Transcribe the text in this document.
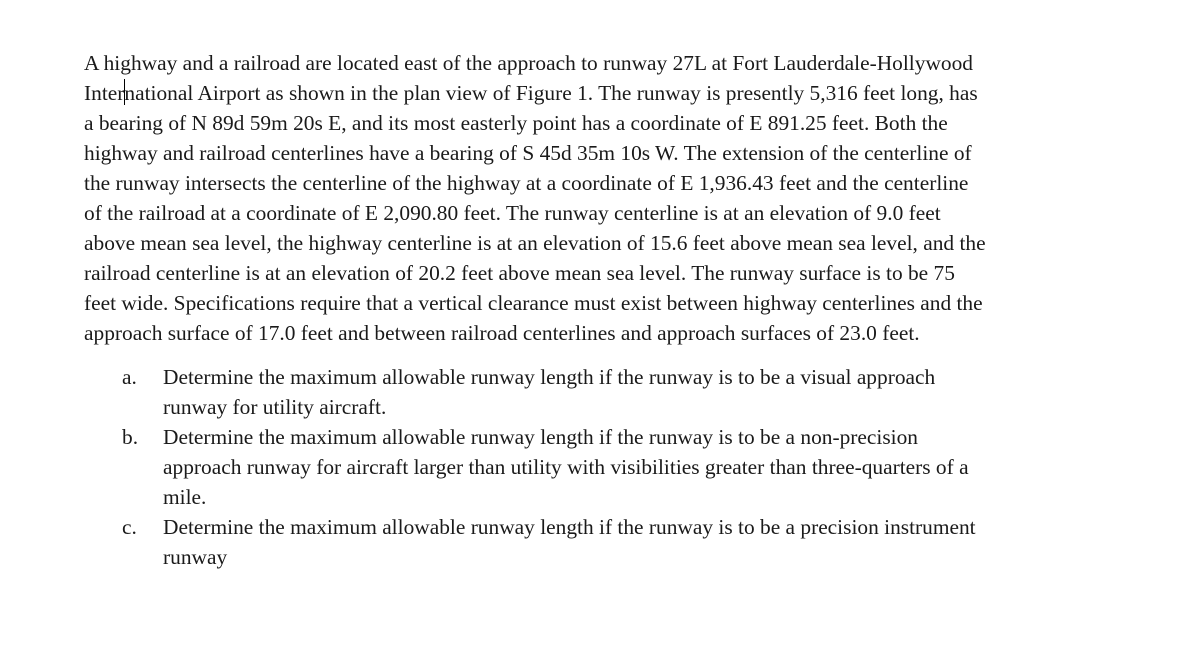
A highway and a railroad are located east of the approach to runway 27L at Fort Lauderdale-Hollywood
International Airport as shown in the plan view of Figure 1. The runway is presently 5,316 feet long, has
a bearing of N 89d 59m 20s E, and its most easterly point has a coordinate of E 891.25 feet. Both the
highway and railroad centerlines have a bearing of S 45d 35m 10s W. The extension of the centerline of
the runway intersects the centerline of the highway at a coordinate of E 1,936.43 feet and the centerline
of the railroad at a coordinate of E 2,090.80 feet. The runway centerline is at an elevation of 9.0 feet
above mean sea level, the highway centerline is at an elevation of 15.6 feet above mean sea level, and the
railroad centerline is at an elevation of 20.2 feet above mean sea level. The runway surface is to be 75
feet wide. Specifications require that a vertical clearance must exist between highway centerlines and the
approach surface of 17.0 feet and between railroad centerlines and approach surfaces of 23.0 feet.

a.	Determine the maximum allowable runway length if the runway is to be a visual approach
runway for utility aircraft.
b.	Determine the maximum allowable runway length if the runway is to be a non-precision
approach runway for aircraft larger than utility with visibilities greater than three-quarters of a
mile.
c.	Determine the maximum allowable runway length if the runway is to be a precision instrument
runway
